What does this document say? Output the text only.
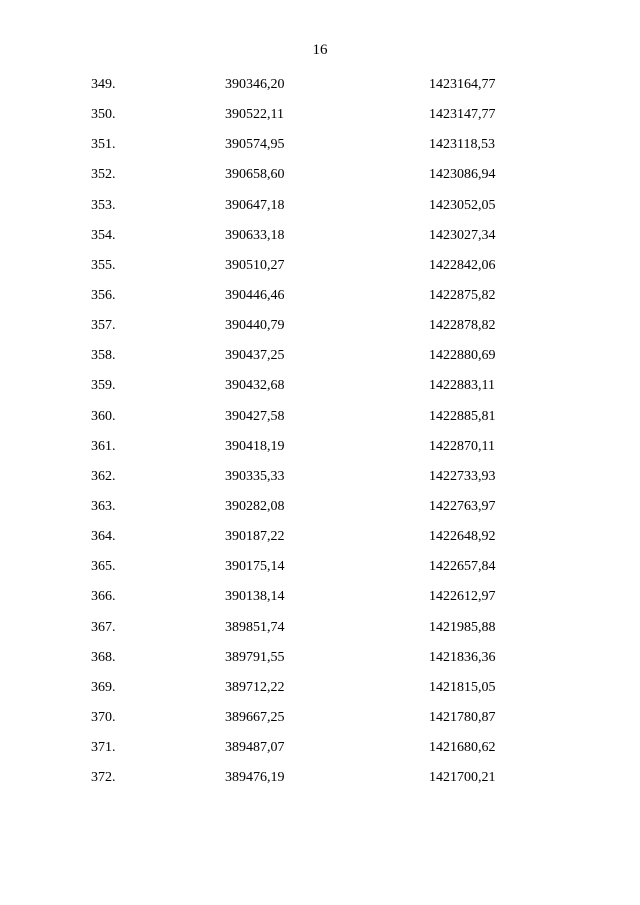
16
349.	390346,20	1423164,77
350.	390522,11	1423147,77
351.	390574,95	1423118,53
352.	390658,60	1423086,94
353.	390647,18	1423052,05
354.	390633,18	1423027,34
355.	390510,27	1422842,06
356.	390446,46	1422875,82
357.	390440,79	1422878,82
358.	390437,25	1422880,69
359.	390432,68	1422883,11
360.	390427,58	1422885,81
361.	390418,19	1422870,11
362.	390335,33	1422733,93
363.	390282,08	1422763,97
364.	390187,22	1422648,92
365.	390175,14	1422657,84
366.	390138,14	1422612,97
367.	389851,74	1421985,88
368.	389791,55	1421836,36
369.	389712,22	1421815,05
370.	389667,25	1421780,87
371.	389487,07	1421680,62
372.	389476,19	1421700,21
